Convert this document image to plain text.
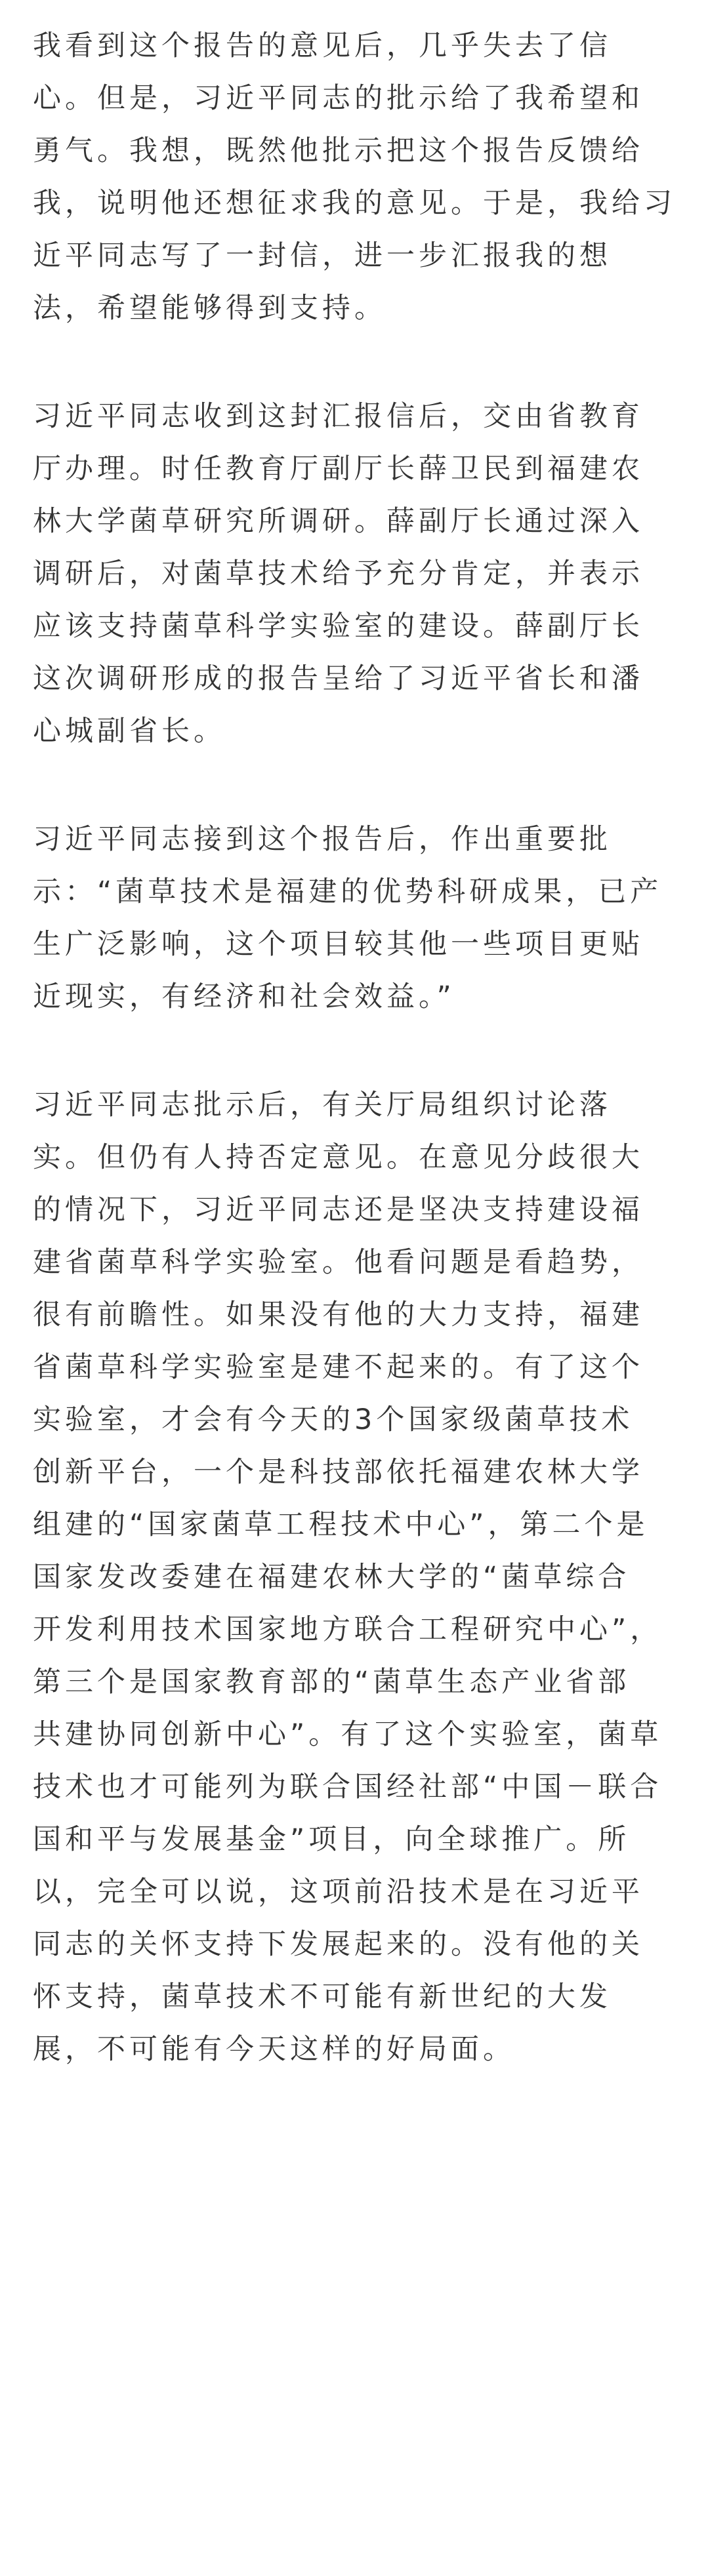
我看到这个报告的意见后，几乎失去了信
心。但是，习近平同志的批示给了我希望和
勇气。我想，既然他批示把这个报告反馈给
我，说明他还想征求我的意见。于是，我给习
近平同志写了一封信，进一步汇报我的想
法，希望能够得到支持。
习近平同志收到这封汇报信后，交由省教育
厅办理。时任教育厅副厅长薛卫民到福建农
林大学菌草研究所调研。薛副厅长通过深入
调研后，对菌草技术给予充分肯定，并表示
应该支持菌草科学实验室的建设。薛副厅长
这次调研形成的报告呈给了习近平省长和潘
心城副省长。
习近平同志接到这个报告后，作出重要批
示：“菌草技术是福建的优势科研成果，已产
生广泛影响，这个项目较其他一些项目更贴
近现实，有经济和社会效益。”
习近平同志批示后，有关厅局组织讨论落
实。但仍有人持否定意见。在意见分歧很大
的情况下，习近平同志还是坚决支持建设福
建省菌草科学实验室。他看问题是看趋势，
很有前瞻性。如果没有他的大力支持，福建
省菌草科学实验室是建不起来的。有了这个
实验室，才会有今天的3个国家级菌草技术
创新平台，一个是科技部依托福建农林大学
组建的“国家菌草工程技术中心”，第二个是
国家发改委建在福建农林大学的“菌草综合
开发利用技术国家地方联合工程研究中心”，
第三个是国家教育部的“菌草生态产业省部
共建协同创新中心”。有了这个实验室，菌草
技术也才可能列为联合国经社部“中国－联合
国和平与发展基金”项目，向全球推广。所
以，完全可以说，这项前沿技术是在习近平
同志的关怀支持下发展起来的。没有他的关
怀支持，菌草技术不可能有新世纪的大发
展，不可能有今天这样的好局面。
